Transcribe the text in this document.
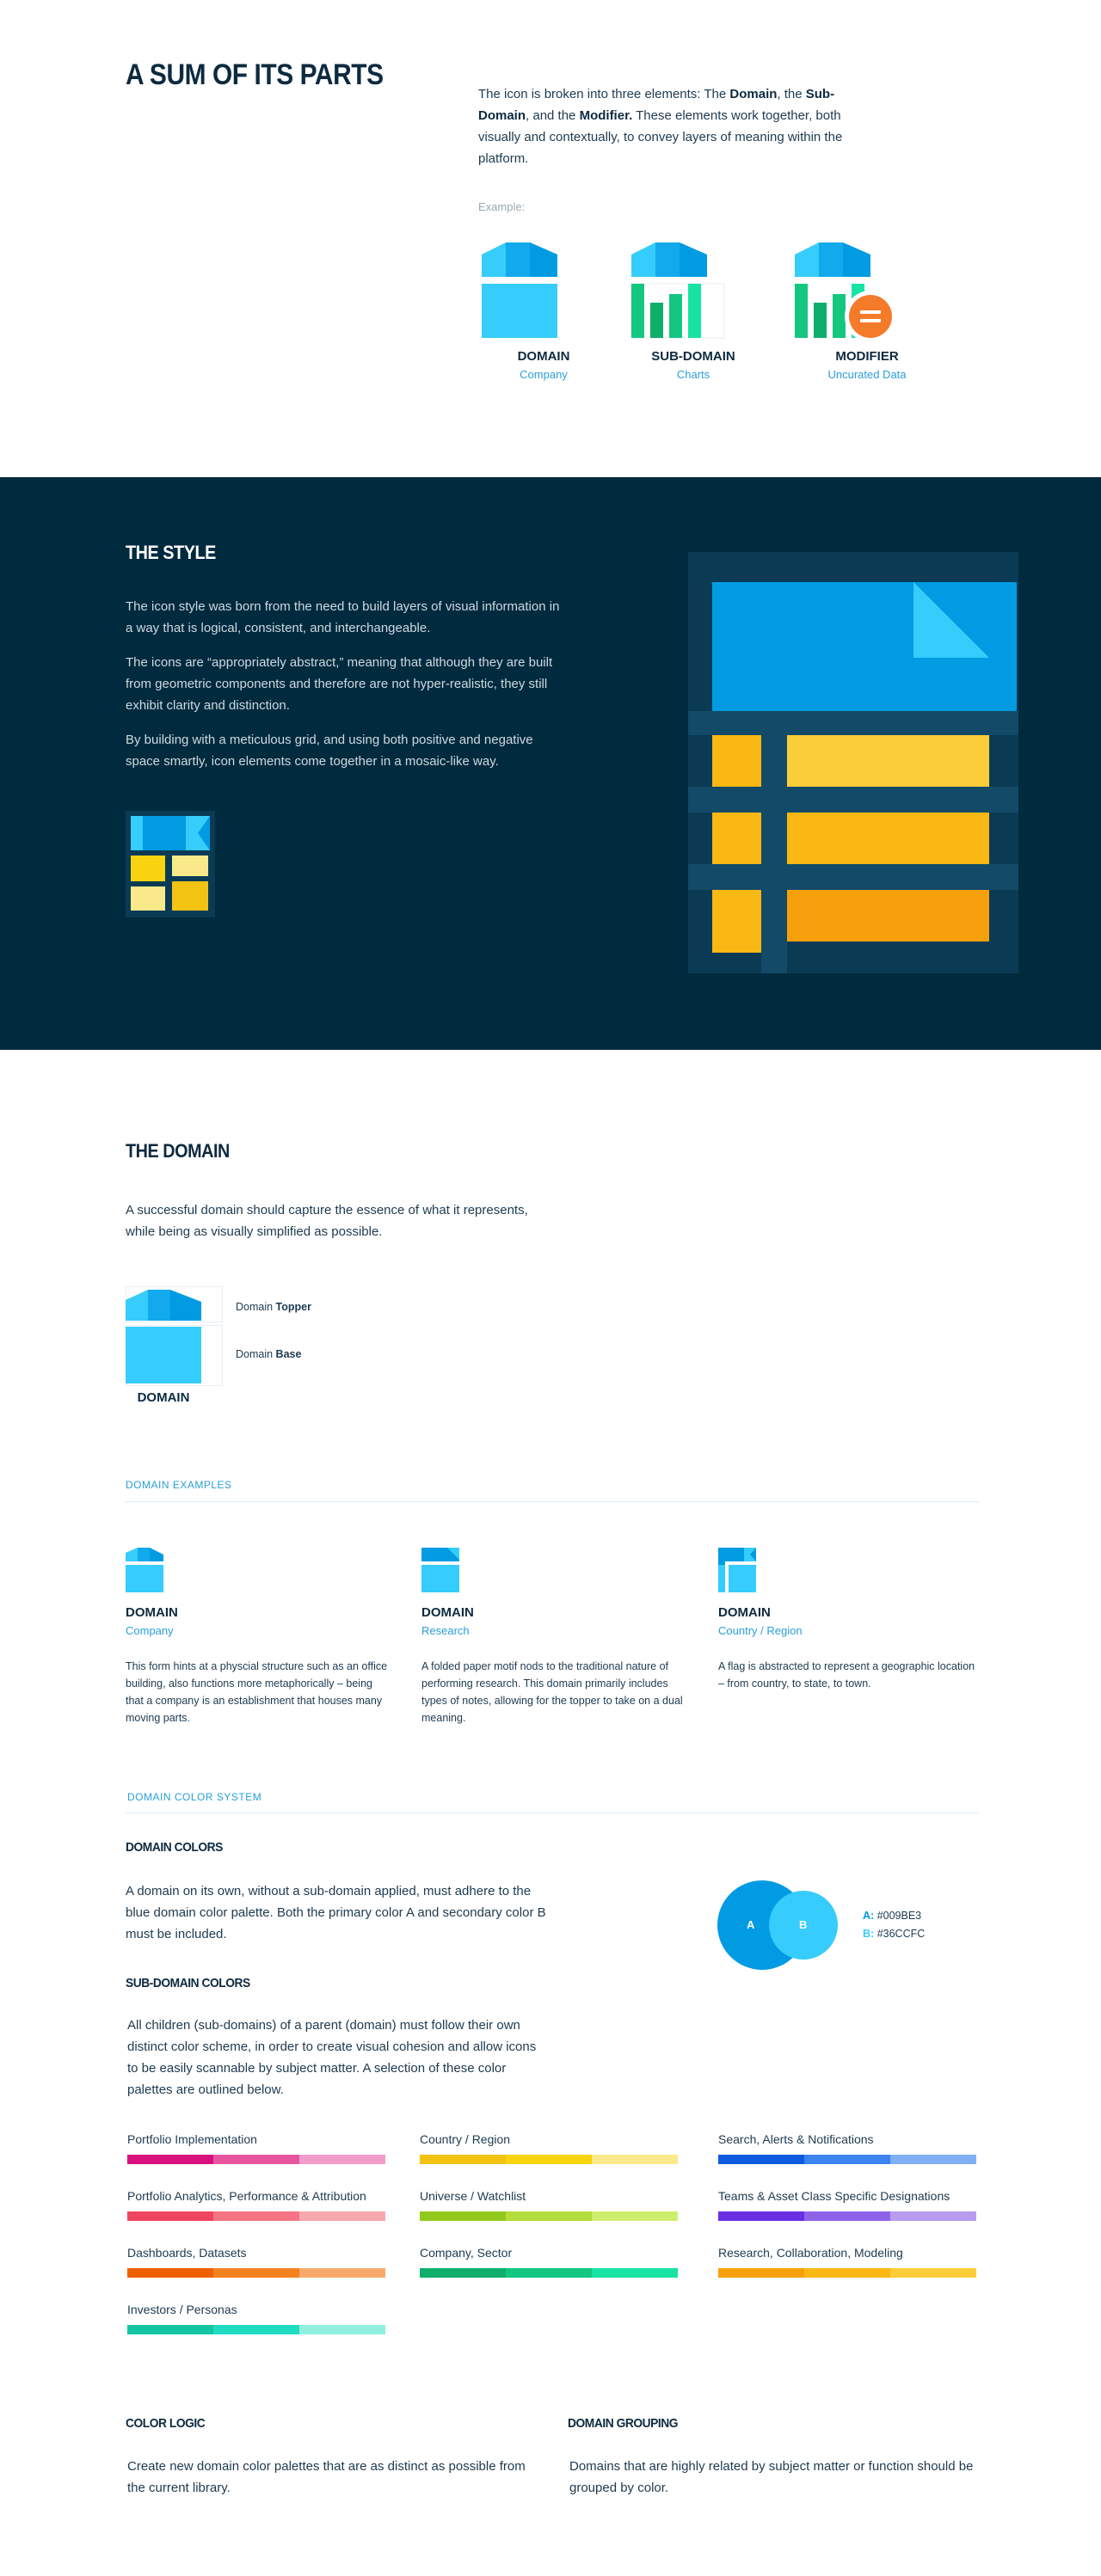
A SUM OF ITS PARTS

The icon is broken into three elements: The Domain, the Sub-Domain, and the Modifier. These elements work together, both visually and contextually, to convey layers of meaning within the platform.

Example:
DOMAIN
Company
SUB-DOMAIN
Charts
MODIFIER
Uncurated Data
THE STYLE

The icon style was born from the need to build layers of visual information in a way that is logical, consistent, and interchangeable.

The icons are “appropriately abstract,” meaning that although they are built from geometric components and therefore are not hyper-realistic, they still exhibit clarity and distinction.

By building with a meticulous grid, and using both positive and negative space smartly, icon elements come together in a mosaic-like way.

THE DOMAIN

A successful domain should capture the essence of what it represents, while being as visually simplified as possible.

Domain Topper
Domain Base
DOMAIN
DOMAIN EXAMPLES
DOMAIN
Company

This form hints at a physcial structure such as an office building, also functions more metaphorically – being that a company is an establishment that houses many moving parts.

DOMAIN
Research

A folded paper motif nods to the traditional nature of performing research. This domain primarily includes types of notes, allowing for the topper to take on a dual meaning.

DOMAIN
Country / Region

A flag is abstracted to represent a geographic location – from country, to state, to town.

DOMAIN COLOR SYSTEM
DOMAIN COLORS

A domain on its own, without a sub-domain applied, must adhere to the blue domain color palette. Both the primary color A and secondary color B must be included.

A	B
A: #009BE3
B: #36CCFC
SUB-DOMAIN COLORS

All children (sub-domains) of a parent (domain) must follow their own distinct color scheme, in order to create visual cohesion and allow icons to be easily scannable by subject matter. A selection of these color palettes are outlined below.

Portfolio Implementation	Country / Region	Search, Alerts & Notifications
Portfolio Analytics, Performance & Attribution	Universe / Watchlist	Teams & Asset Class Specific Designations
Dashboards, Datasets	Company, Sector	Research, Collaboration, Modeling
Investors / Personas
COLOR LOGIC

Create new domain color palettes that are as distinct as possible from the current library.

DOMAIN GROUPING

Domains that are highly related by subject matter or function should be grouped by color.
